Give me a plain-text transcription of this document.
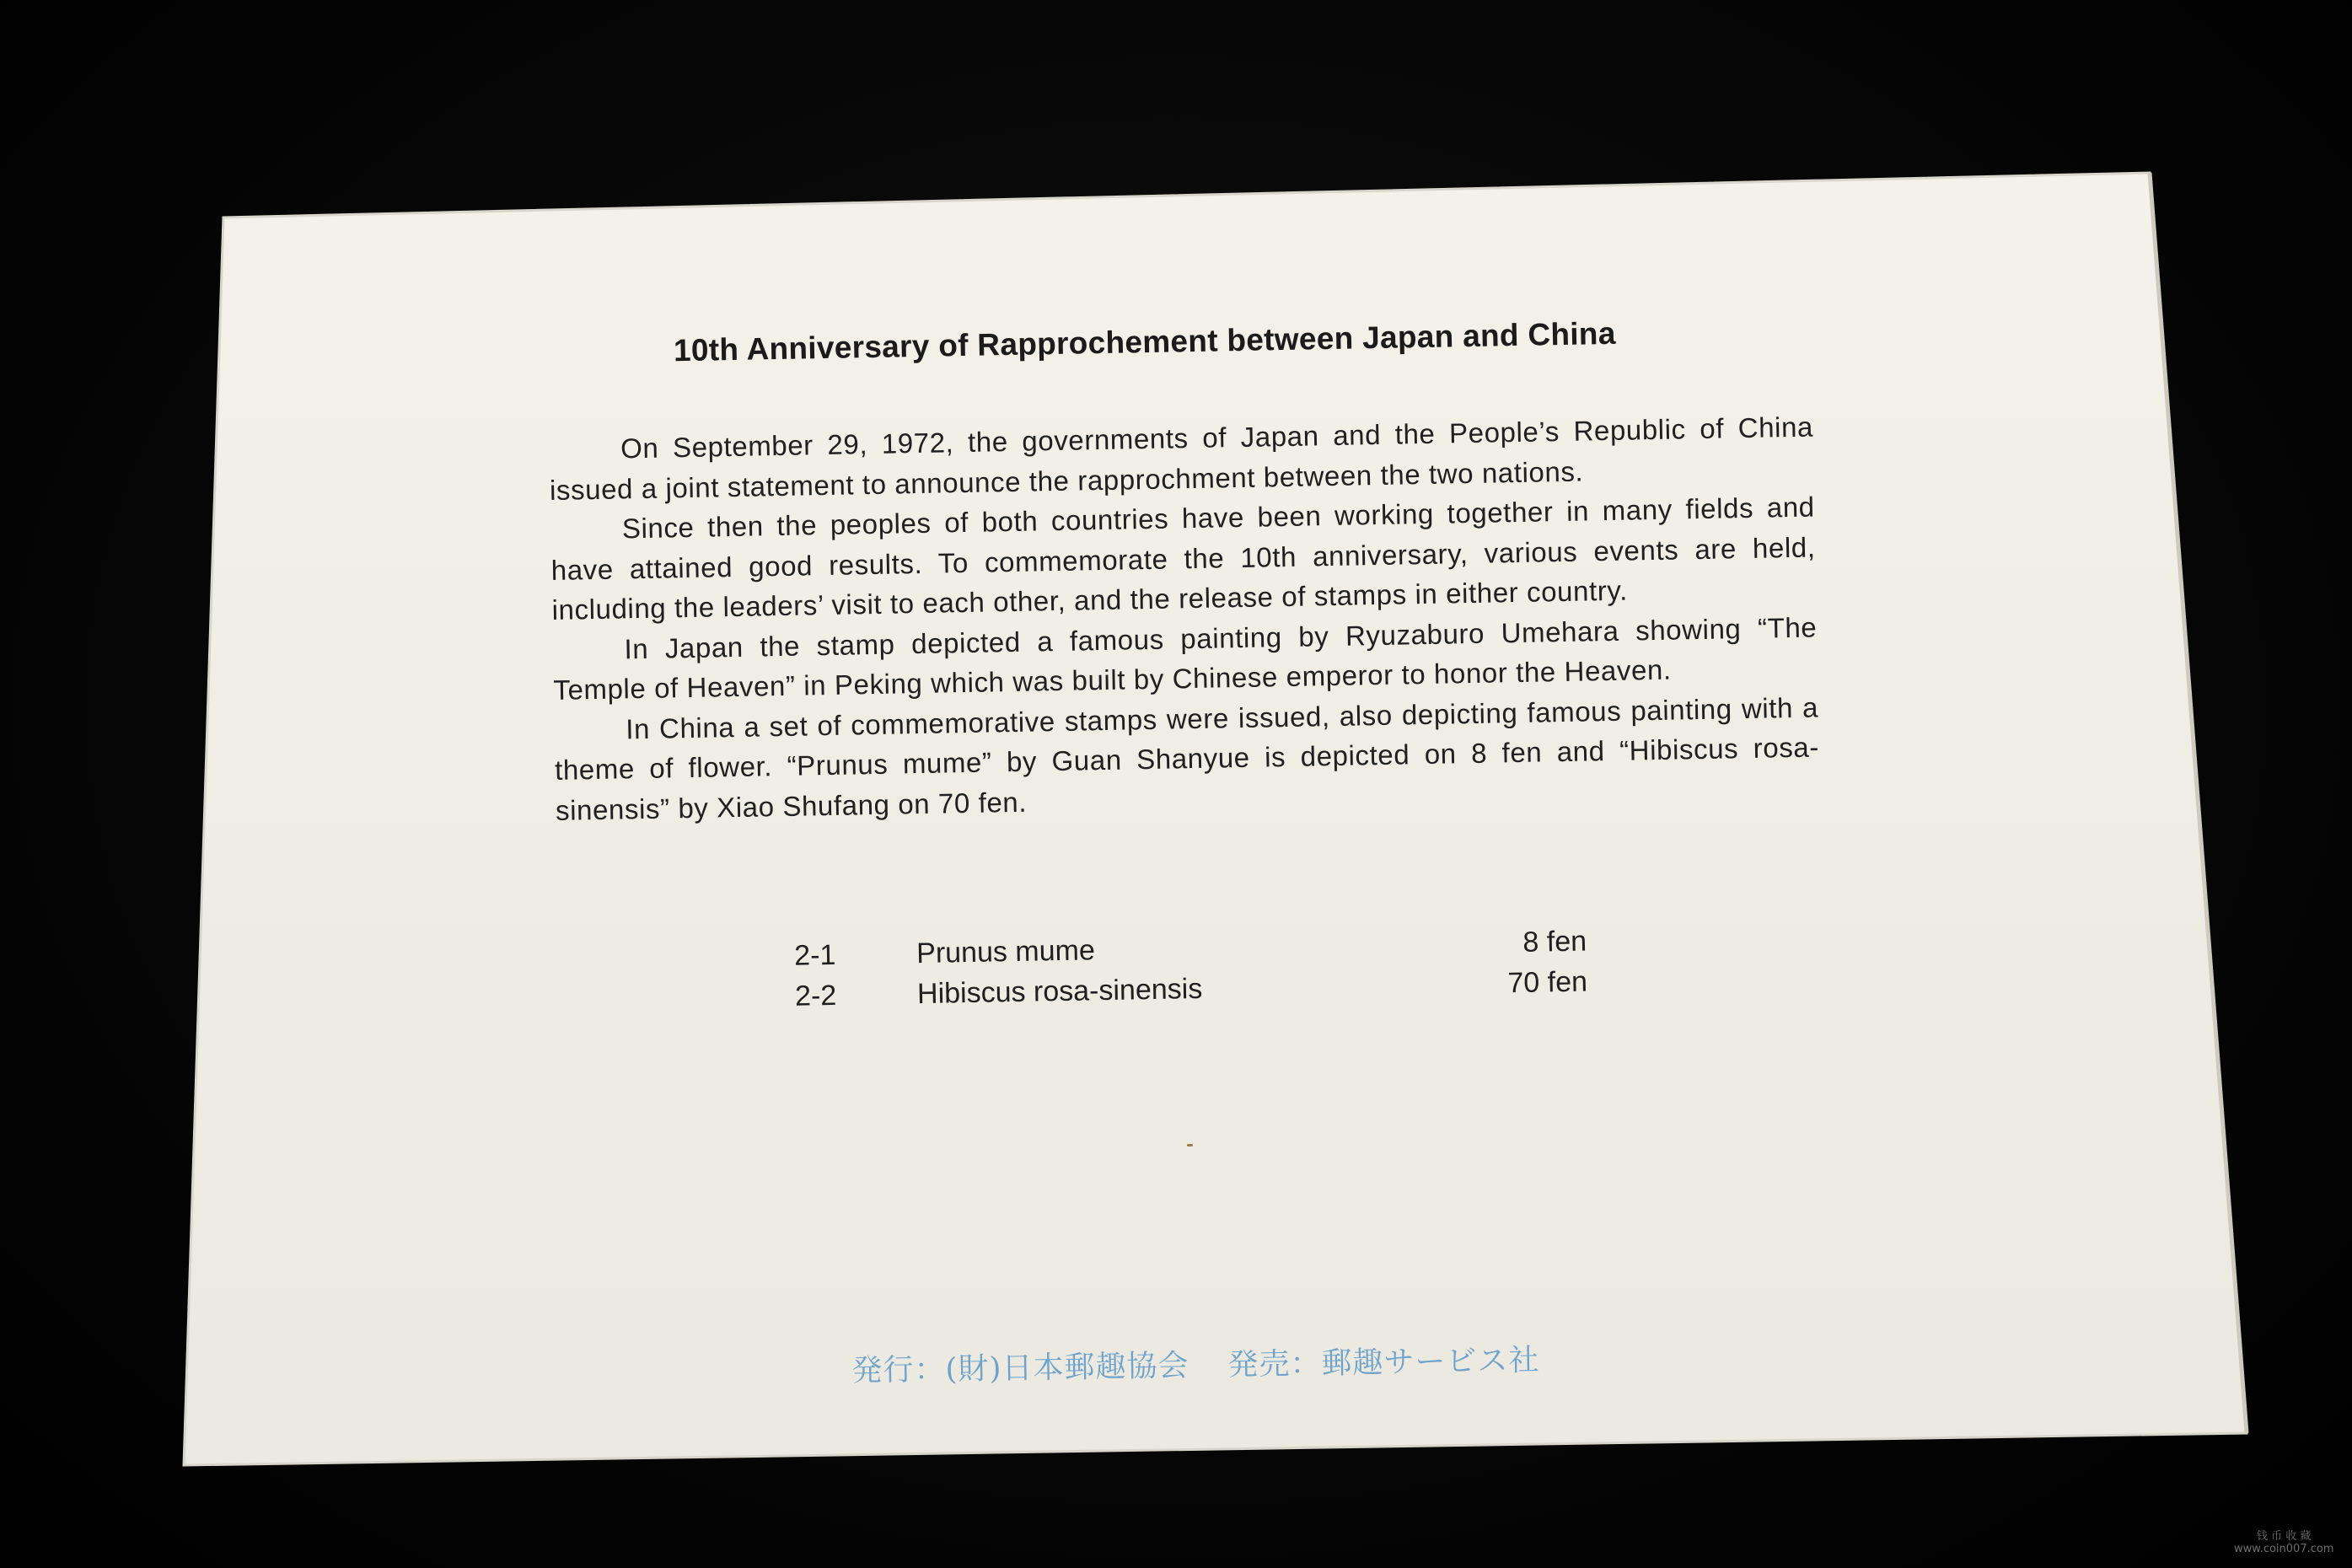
10th Anniversary of Rapprochement between Japan and China

On September 29, 1972, the governments of Japan and the People’s Republic of China issued a joint statement to announce the rapprochment between the two nations.

Since then the peoples of both countries have been working together in many fields and have attained good results. To commemorate the 10th anniversary, various events are held, including the leaders’ visit to each other, and the release of stamps in either country.

In Japan the stamp depicted a famous painting by Ryuzaburo Umehara showing “The Temple of Heaven” in Peking which was built by Chinese emperor to honor the Heaven.

In China a set of commemorative stamps were issued, also depicting famous painting with a theme of flower. “Prunus mume” by Guan Shanyue is depicted on 8 fen and “Hibiscus rosa-sinensis” by Xiao Shufang on 70 fen.

2-1	Prunus mume	8 fen
2-2	Hibiscus rosa-sinensis	70 fen
発行：(財)日本郵趣協会 発売：郵趣サービス社
钱 币 收 藏
www.coin007.com
